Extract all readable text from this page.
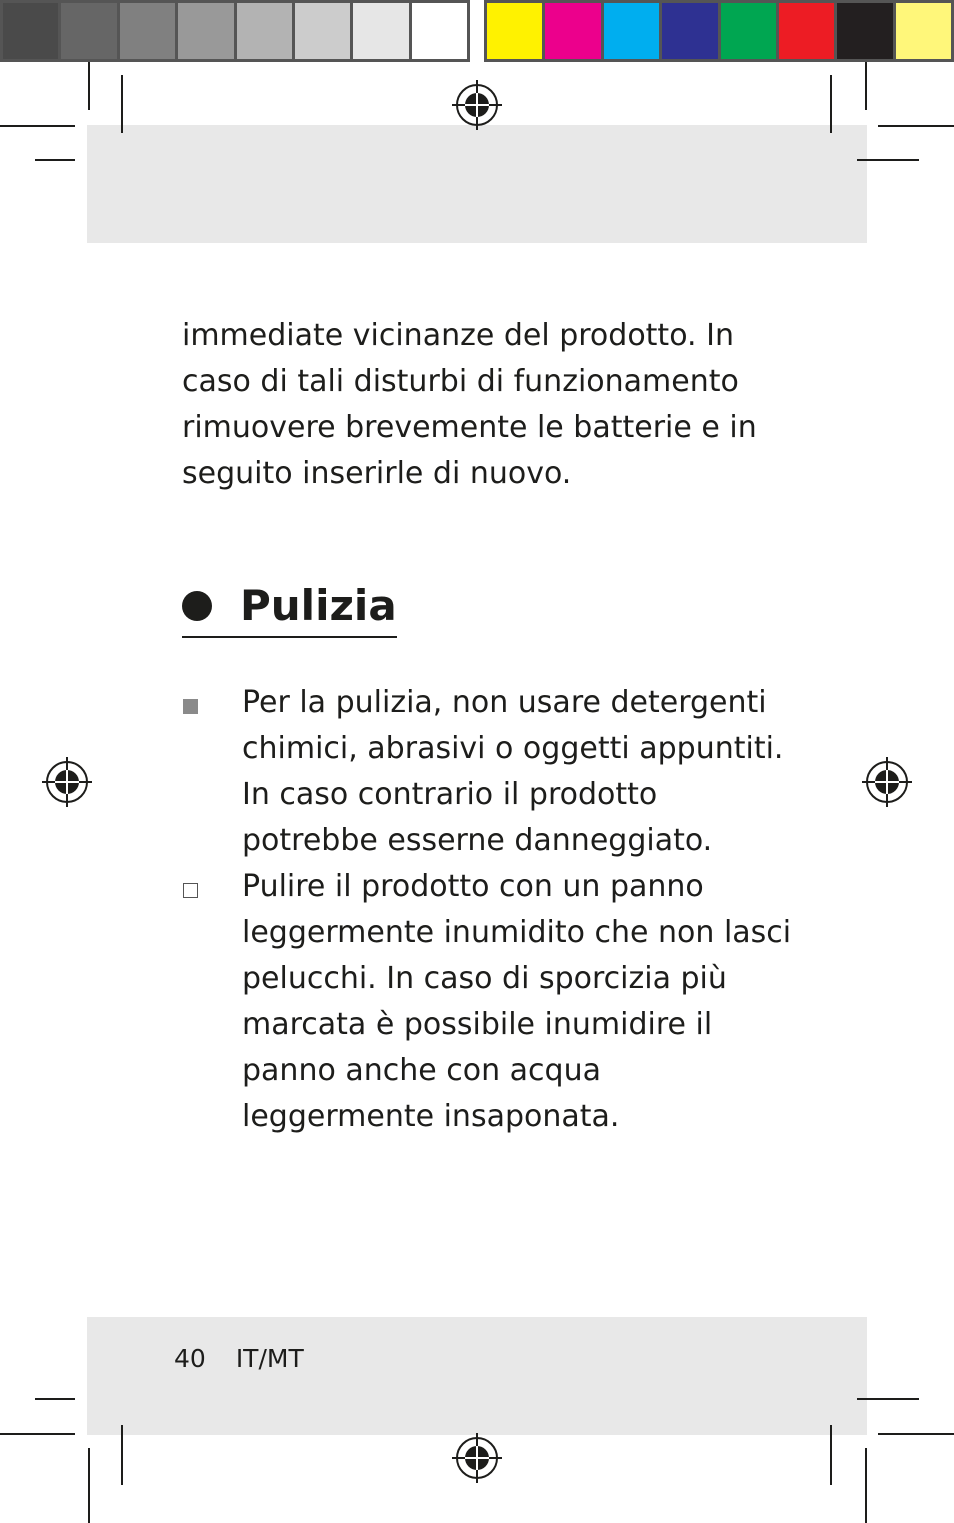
immediate vicinanze del prodotto. In caso di tali disturbi di funzionamento rimuovere brevemente le batterie e in seguito inserirle di nuovo.

Pulizia
Per la pulizia, non usare detergenti chimici, abrasivi o oggetti appuntiti. In caso contrario il prodotto potrebbe esserne danneggiato.
Pulire il prodotto con un panno leggermente inumidito che non lasci pelucchi. In caso di sporcizia più marcata è possibile inumidire il panno anche con acqua leggermente insaponata.
40 IT/MT
